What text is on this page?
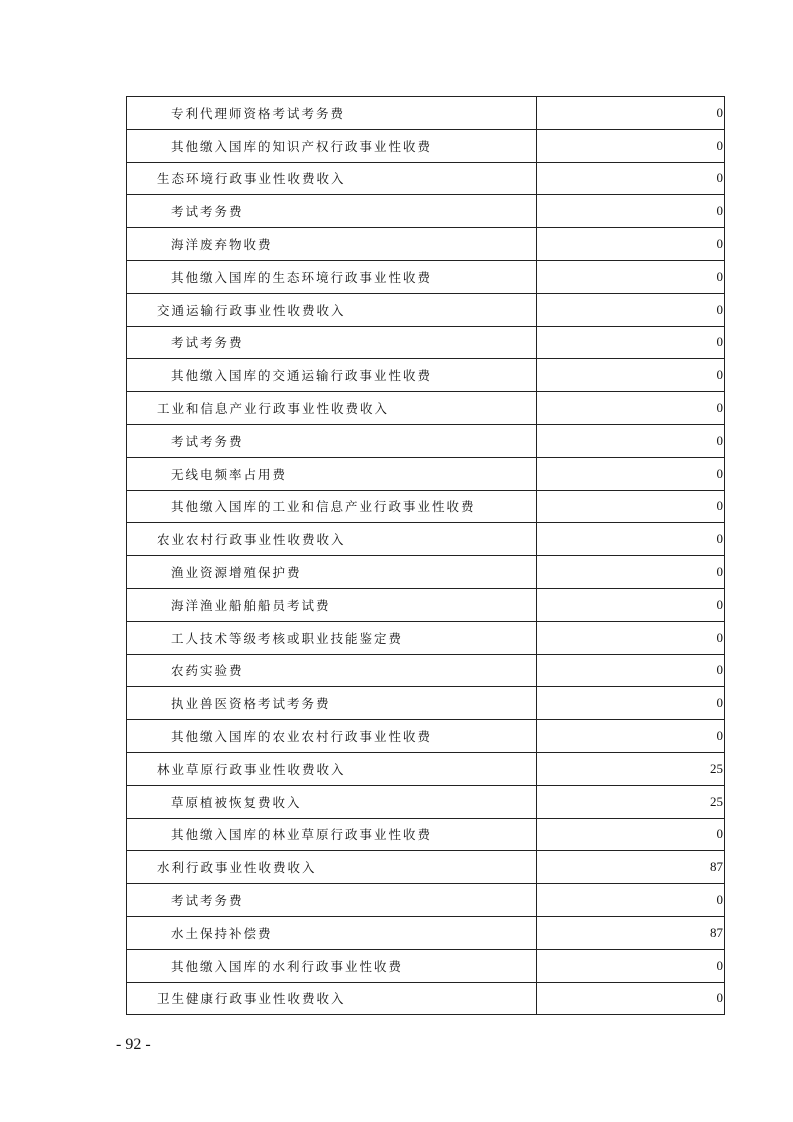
专利代理师资格考试考务费	0
其他缴入国库的知识产权行政事业性收费	0
生态环境行政事业性收费收入	0
考试考务费	0
海洋废弃物收费	0
其他缴入国库的生态环境行政事业性收费	0
交通运输行政事业性收费收入	0
考试考务费	0
其他缴入国库的交通运输行政事业性收费	0
工业和信息产业行政事业性收费收入	0
考试考务费	0
无线电频率占用费	0
其他缴入国库的工业和信息产业行政事业性收费	0
农业农村行政事业性收费收入	0
渔业资源增殖保护费	0
海洋渔业船舶船员考试费	0
工人技术等级考核或职业技能鉴定费	0
农药实验费	0
执业兽医资格考试考务费	0
其他缴入国库的农业农村行政事业性收费	0
林业草原行政事业性收费收入	25
草原植被恢复费收入	25
其他缴入国库的林业草原行政事业性收费	0
水利行政事业性收费收入	87
考试考务费	0
水土保持补偿费	87
其他缴入国库的水利行政事业性收费	0
卫生健康行政事业性收费收入	0
- 92 -
